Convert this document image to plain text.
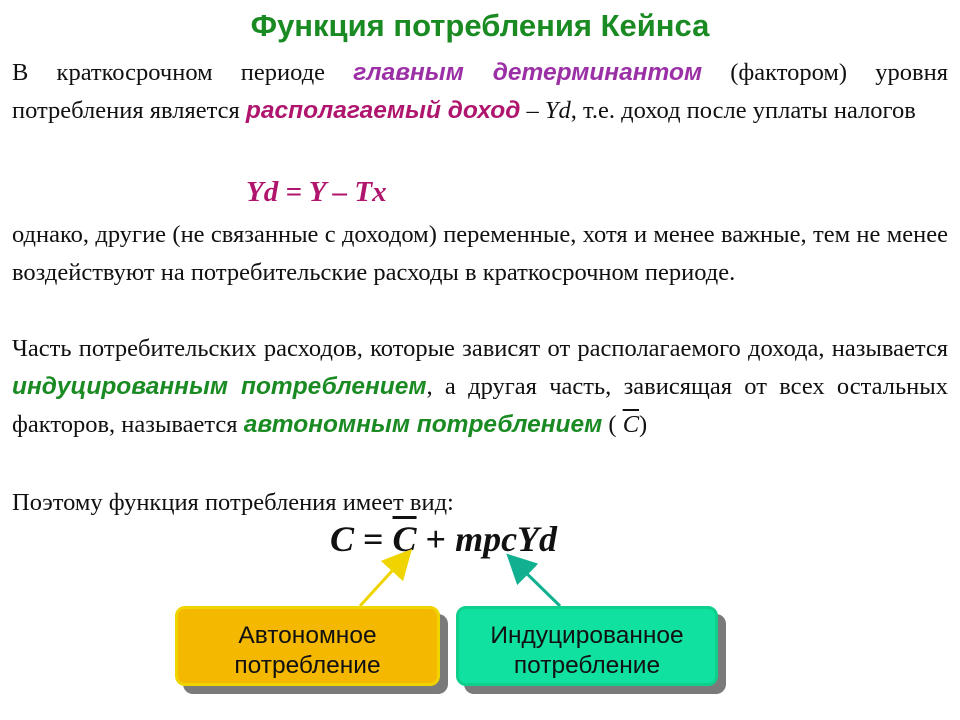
Функция потребления Кейнса
В краткосрочном периоде главным детерминантом (фактором) уровня потребления является располагаемый доход – Yd, т.е. доход после уплаты налогов
Yd = Y – Tx
однако, другие (не связанные с доходом) переменные, хотя и менее важные, тем не менее воздействуют на потребительские расходы в краткосрочном периоде.
Часть потребительских расходов, которые зависят от располагаемого дохода, называется индуцированным потреблением, а другая часть, зависящая от всех остальных факторов, называется автономным потреблением ( $\overline{C}$)
Поэтому функция потребления имеет вид:
$C = \overline{C}$ + mpcYd
Автономное потребление
Индуцированное потребление
